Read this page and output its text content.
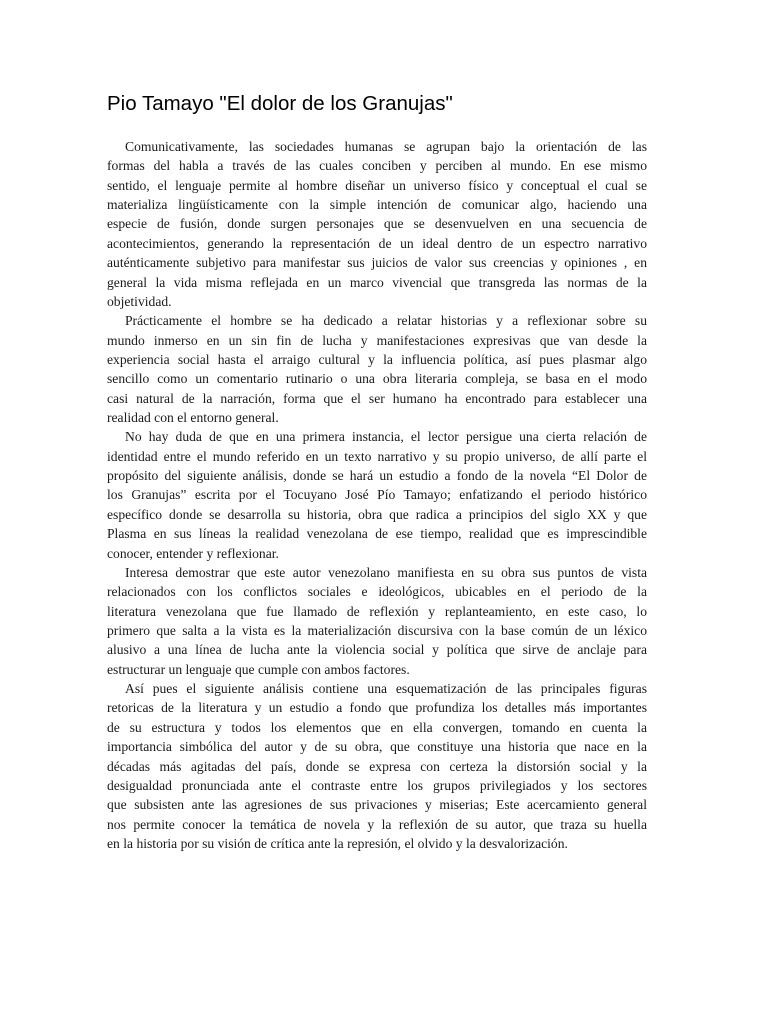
Pio Tamayo "El dolor de los Granujas"
Comunicativamente, las sociedades humanas se agrupan bajo la orientación de las
formas del habla a través de las cuales conciben y perciben al mundo. En ese mismo
sentido, el lenguaje permite al hombre diseñar un universo físico y conceptual el cual se
materializa lingüísticamente con la simple intención de comunicar algo, haciendo una
especie de fusión, donde surgen personajes que se desenvuelven en una secuencia de
acontecimientos, generando la representación de un ideal dentro de un espectro narrativo
auténticamente subjetivo para manifestar sus juicios de valor sus creencias y opiniones , en
general la vida misma reflejada en un marco vivencial que transgreda las normas de la
objetividad.
Prácticamente el hombre se ha dedicado a relatar historias y a reflexionar sobre su
mundo inmerso en un sin fin de lucha y manifestaciones expresivas que van desde la
experiencia social hasta el arraigo cultural y la influencia política, así pues plasmar algo
sencillo como un comentario rutinario o una obra literaria compleja, se basa en el modo
casi natural de la narración, forma que el ser humano ha encontrado para establecer una
realidad con el entorno general.
No hay duda de que en una primera instancia, el lector persigue una cierta relación de
identidad entre el mundo referido en un texto narrativo y su propio universo, de allí parte el
propósito del siguiente análisis, donde se hará un estudio a fondo de la novela “El Dolor de
los Granujas” escrita por el Tocuyano José Pío Tamayo; enfatizando el periodo histórico
específico donde se desarrolla su historia, obra que radica a principios del siglo XX y que
Plasma en sus líneas la realidad venezolana de ese tiempo, realidad que es imprescindible
conocer, entender y reflexionar.
Interesa demostrar que este autor venezolano manifiesta en su obra sus puntos de vista
relacionados con los conflictos sociales e ideológicos, ubicables en el periodo de la
literatura venezolana que fue llamado de reflexión y replanteamiento, en este caso, lo
primero que salta a la vista es la materialización discursiva con la base común de un léxico
alusivo a una línea de lucha ante la violencia social y política que sirve de anclaje para
estructurar un lenguaje que cumple con ambos factores.
Así pues el siguiente análisis contiene una esquematización de las principales figuras
retoricas de la literatura y un estudio a fondo que profundiza los detalles más importantes
de su estructura y todos los elementos que en ella convergen, tomando en cuenta la
importancia simbólica del autor y de su obra, que constituye una historia que nace en la
décadas más agitadas del país, donde se expresa con certeza la distorsión social y la
desigualdad pronunciada ante el contraste entre los grupos privilegiados y los sectores
que subsisten ante las agresiones de sus privaciones y miserias; Este acercamiento general
nos permite conocer la temática de novela y la reflexión de su autor, que traza su huella
en la historia por su visión de crítica ante la represión, el olvido y la desvalorización.
